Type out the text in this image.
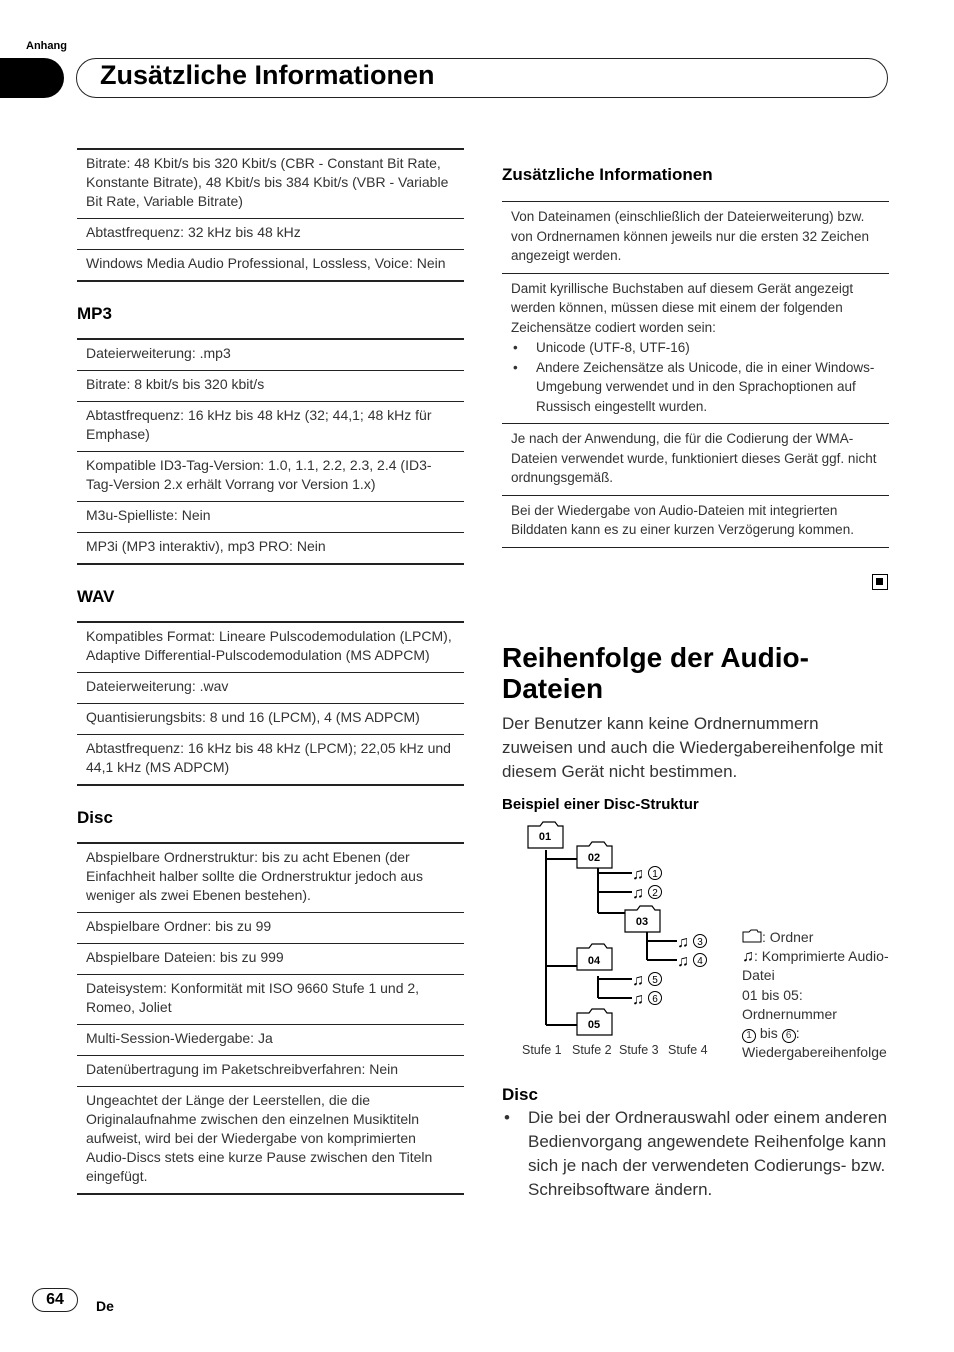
Anhang
Zusätzliche Informationen
Bitrate: 48 Kbit/s bis 320 Kbit/s (CBR - Constant Bit Rate, Konstante Bitrate), 48 Kbit/s bis 384 Kbit/s (VBR - Variable Bit Rate, Variable Bitrate)
Abtastfrequenz: 32 kHz bis 48 kHz
Windows Media Audio Professional, Lossless, Voice: Nein
MP3
Dateierweiterung: .mp3
Bitrate: 8 kbit/s bis 320 kbit/s
Abtastfrequenz: 16 kHz bis 48 kHz (32; 44,1; 48 kHz für Emphase)
Kompatible ID3-Tag-Version: 1.0, 1.1, 2.2, 2.3, 2.4 (ID3-Tag-Version 2.x erhält Vorrang vor Version 1.x)
M3u-Spielliste: Nein
MP3i (MP3 interaktiv), mp3 PRO: Nein
WAV
Kompatibles Format: Lineare Pulscodemodulation (LPCM), Adaptive Differential-Pulscodemodulation (MS ADPCM)
Dateierweiterung: .wav
Quantisierungsbits: 8 und 16 (LPCM), 4 (MS ADPCM)
Abtastfrequenz: 16 kHz bis 48 kHz (LPCM); 22,05 kHz und 44,1 kHz (MS ADPCM)
Disc
Abspielbare Ordnerstruktur: bis zu acht Ebenen (der Einfachheit halber sollte die Ordnerstruktur jedoch aus weniger als zwei Ebenen bestehen).
Abspielbare Ordner: bis zu 99
Abspielbare Dateien: bis zu 999
Dateisystem: Konformität mit ISO 9660 Stufe 1 und 2, Romeo, Joliet
Multi-Session-Wiedergabe: Ja
Datenübertragung im Paketschreibverfahren: Nein
Ungeachtet der Länge der Leerstellen, die die Originalaufnahme zwischen den einzelnen Musiktiteln aufweist, wird bei der Wiedergabe von komprimierten Audio-Discs stets eine kurze Pause zwischen den Titeln eingefügt.
Zusätzliche Informationen
Von Dateinamen (einschließlich der Dateierweiterung) bzw. von Ordnernamen können jeweils nur die ersten 32 Zeichen angezeigt werden.
Damit kyrillische Buchstaben auf diesem Gerät angezeigt werden können, müssen diese mit einem der folgenden Zeichensätze codiert worden sein:
• Unicode (UTF-8, UTF-16)
• Andere Zeichensätze als Unicode, die in einer Windows-Umgebung verwendet und in den Sprachoptionen auf Russisch eingestellt wurden.
Je nach der Anwendung, die für die Codierung der WMA-Dateien verwendet wurde, funktioniert dieses Gerät ggf. nicht ordnungsgemäß.
Bei der Wiedergabe von Audio-Dateien mit integrierten Bilddaten kann es zu einer kurzen Verzögerung kommen.
Reihenfolge der Audio-Dateien
Der Benutzer kann keine Ordnernummern zuweisen und auch die Wiedergabereihenfolge mit diesem Gerät nicht bestimmen.
Beispiel einer Disc-Struktur
01
02
03
04
05
♫ 1
♫ 2
♫ 3
♫ 4
♫ 5
♫ 6
Stufe 1 Stufe 2 Stufe 3 Stufe 4
: Ordner
♫: Komprimierte Audio-Datei
01 bis 05: Ordnernummer
1 bis 6 : Wiedergabereihenfolge
Disc
• Die bei der Ordnerauswahl oder einem anderen Bedienvorgang angewendete Reihenfolge kann sich je nach der verwendeten Codierungs- bzw. Schreibsoftware ändern.
64	De
